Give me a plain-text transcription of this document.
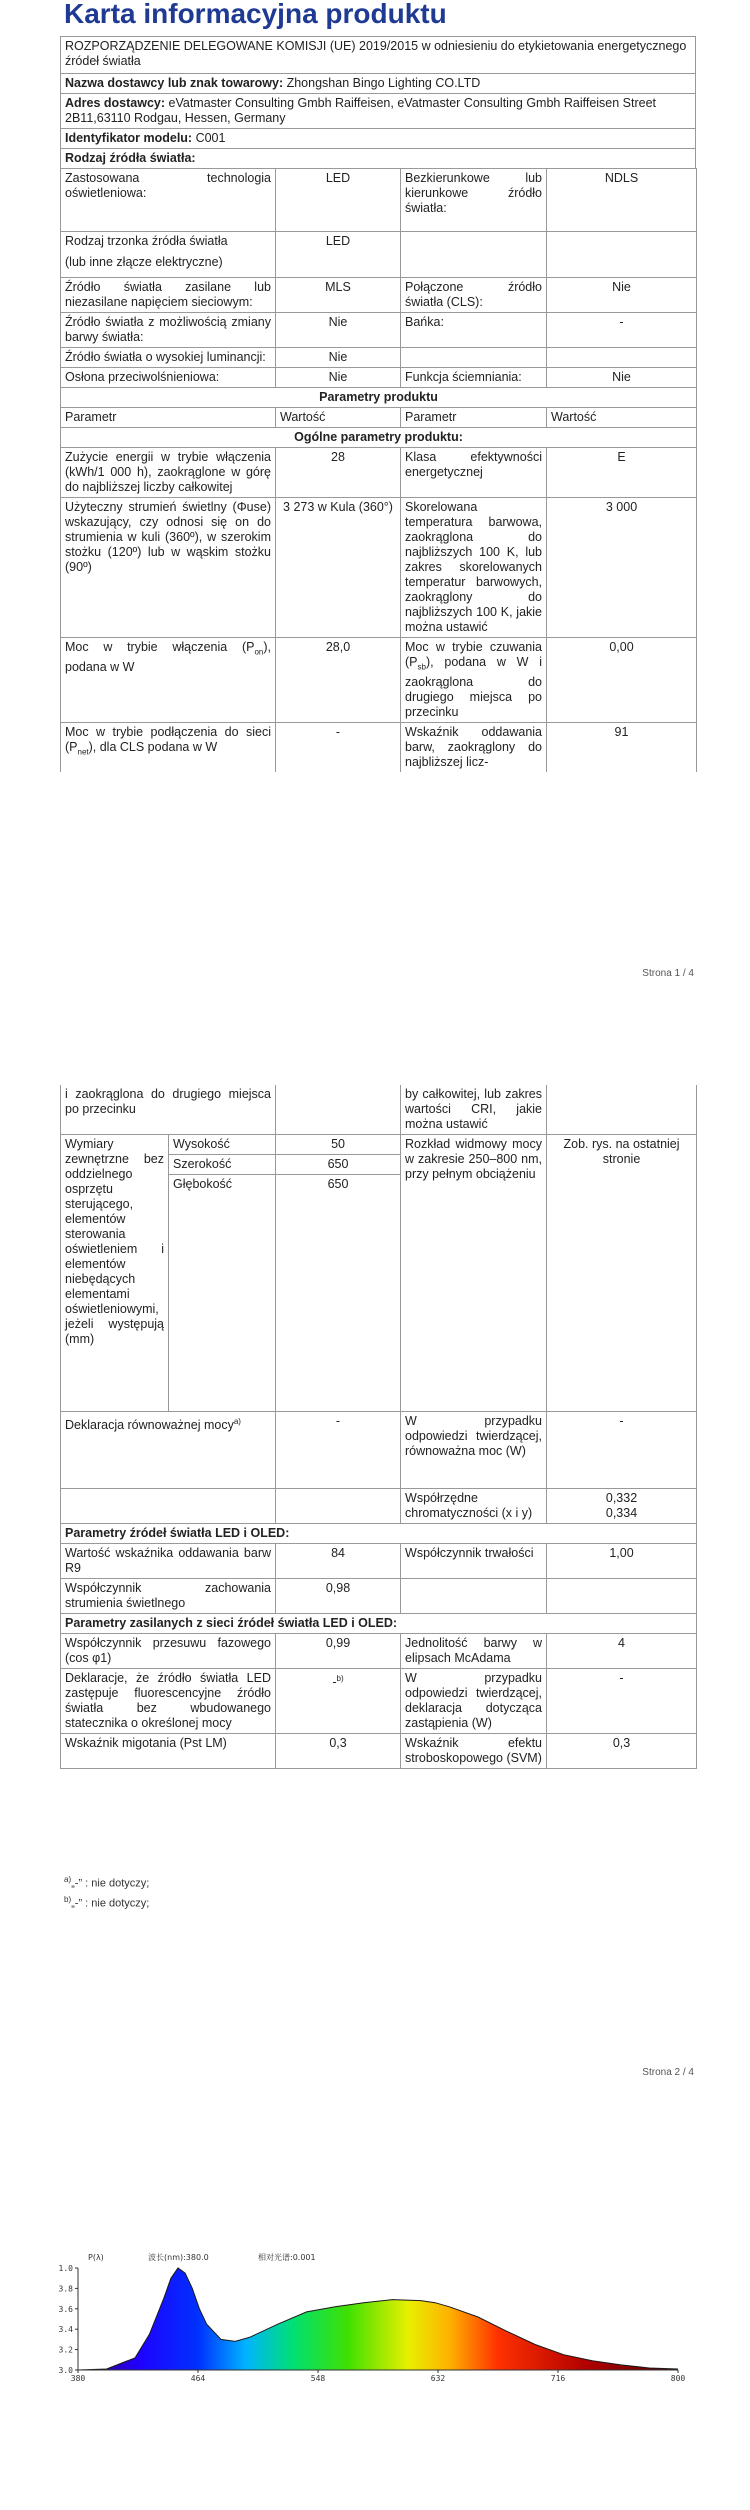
Karta informacyjna produktu
ROZPORZĄDZENIE DELEGOWANE KOMISJI (UE) 2019/2015 w odniesieniu do etykietowania energetycznego źródeł światła
Nazwa dostawcy lub znak towarowy: Zhongshan Bingo Lighting CO.LTD
Adres dostawcy: eVatmaster Consulting Gmbh Raiffeisen, eVatmaster Consulting Gmbh Raiffeisen Street 2B11,63110 Rodgau, Hessen, Germany
Identyfikator modelu: C001
Rodzaj źródła światła:
Zastosowana technologia oświetleniowa:	LED	Bezkierunkowe lub kierunkowe źródło światła:	NDLS

Rodzaj trzonka źródła światła
(lub inne złącze elektryczne)	LED		
Źródło światła zasilane lub niezasilane napięciem sieciowym:	MLS	Połączone źródło światła (CLS):	Nie
Źródło światła z możliwością zmiany barwy światła:	Nie	Bańka:	-
Źródło światła o wysokiej luminancji:	Nie		
Osłona przeciwolśnieniowa:	Nie	Funkcja ściemniania:	Nie
Parametry produktu			
Parametr	Wartość	Parametr	Wartość
Ogólne parametry produktu:			
Zużycie energii w trybie włączenia (kWh/1 000 h), zaokrąglone w górę do najbliższej liczby całkowitej	28	Klasa efektywności energetycznej	E
Użyteczny strumień świetlny (Φuse) wskazujący, czy odnosi się on do strumienia w kuli (360º), w szerokim stożku (120º) lub w wąskim stożku (90º)	3 273 w Kula (360°)	Skorelowana temperatura barwowa, zaokrąglona do najbliższych 100 K, lub zakres skorelowanych temperatur barwowych, zaokrąglony do najbliższych 100 K, jakie można ustawić	3 000
Moc w trybie włączenia $(P_{on})$, podana w W	28,0	Moc w trybie czuwania $(P_{sb})$, podana w W i zaokrąglona do drugiego miejsca po przecinku	0,00
Moc w trybie podłączenia do sieci $(P_{net})$, dla CLS podana w W	-	Wskaźnik oddawania barw, zaokrąglony do najbliższej licz-	91
Strona 1 / 4
i zaokrąglona do drugiego miejsca po przecinku			by całkowitej, lub zakres wartości CRI, jakie można ustawić	
Wymiary zewnętrzne bez oddzielnego osprzętu sterującego, elementów sterowania oświetleniem i elementów niebędących elementami oświetleniowymi, jeżeli występują (mm)	Wysokość	50	Rozkład widmowy mocy w zakresie 250–800 nm, przy pełnym obciążeniu	Zob. rys. na ostatniej stronie
	Szerokość	650		
	Głębokość	650		
Deklaracja równoważnej mocy$^{a)}$		-	W przypadku odpowiedzi twierdzącej, równoważna moc (W)	-
			Współrzędne chromatyczności (x i y)	0,332
0,334

Parametry źródeł światła LED i OLED:				
Wartość wskaźnika oddawania barw R9		84	Współczynnik trwałości	1,00
Współczynnik zachowania strumienia świetlnego		0,98		
Parametry zasilanych z sieci źródeł światła LED i OLED:				
Współczynnik przesuwu fazowego (cos φ1)		0,99	Jednolitość barwy w elipsach McAdama	4
Deklaracje, że źródło światła LED zastępuje fluorescencyjne źródło światła bez wbudowanego statecznika o określonej mocy		-$^{b)}$	W przypadku odpowiedzi twierdzącej, deklaracja dotycząca zastąpienia (W)	-
Wskaźnik migotania (Pst LM)		0,3	Wskaźnik efektu stroboskopowego (SVM)	0,3
$^{a)}$„-” : nie dotyczy;
$^{b)}$„-” : nie dotyczy;
Strona 2 / 4
P(λ)	波长(nm):380.0	相对光谱:0.001
380	464	548	632	716	800
1.0
3.8
3.6
3.4
3.2
3.0
